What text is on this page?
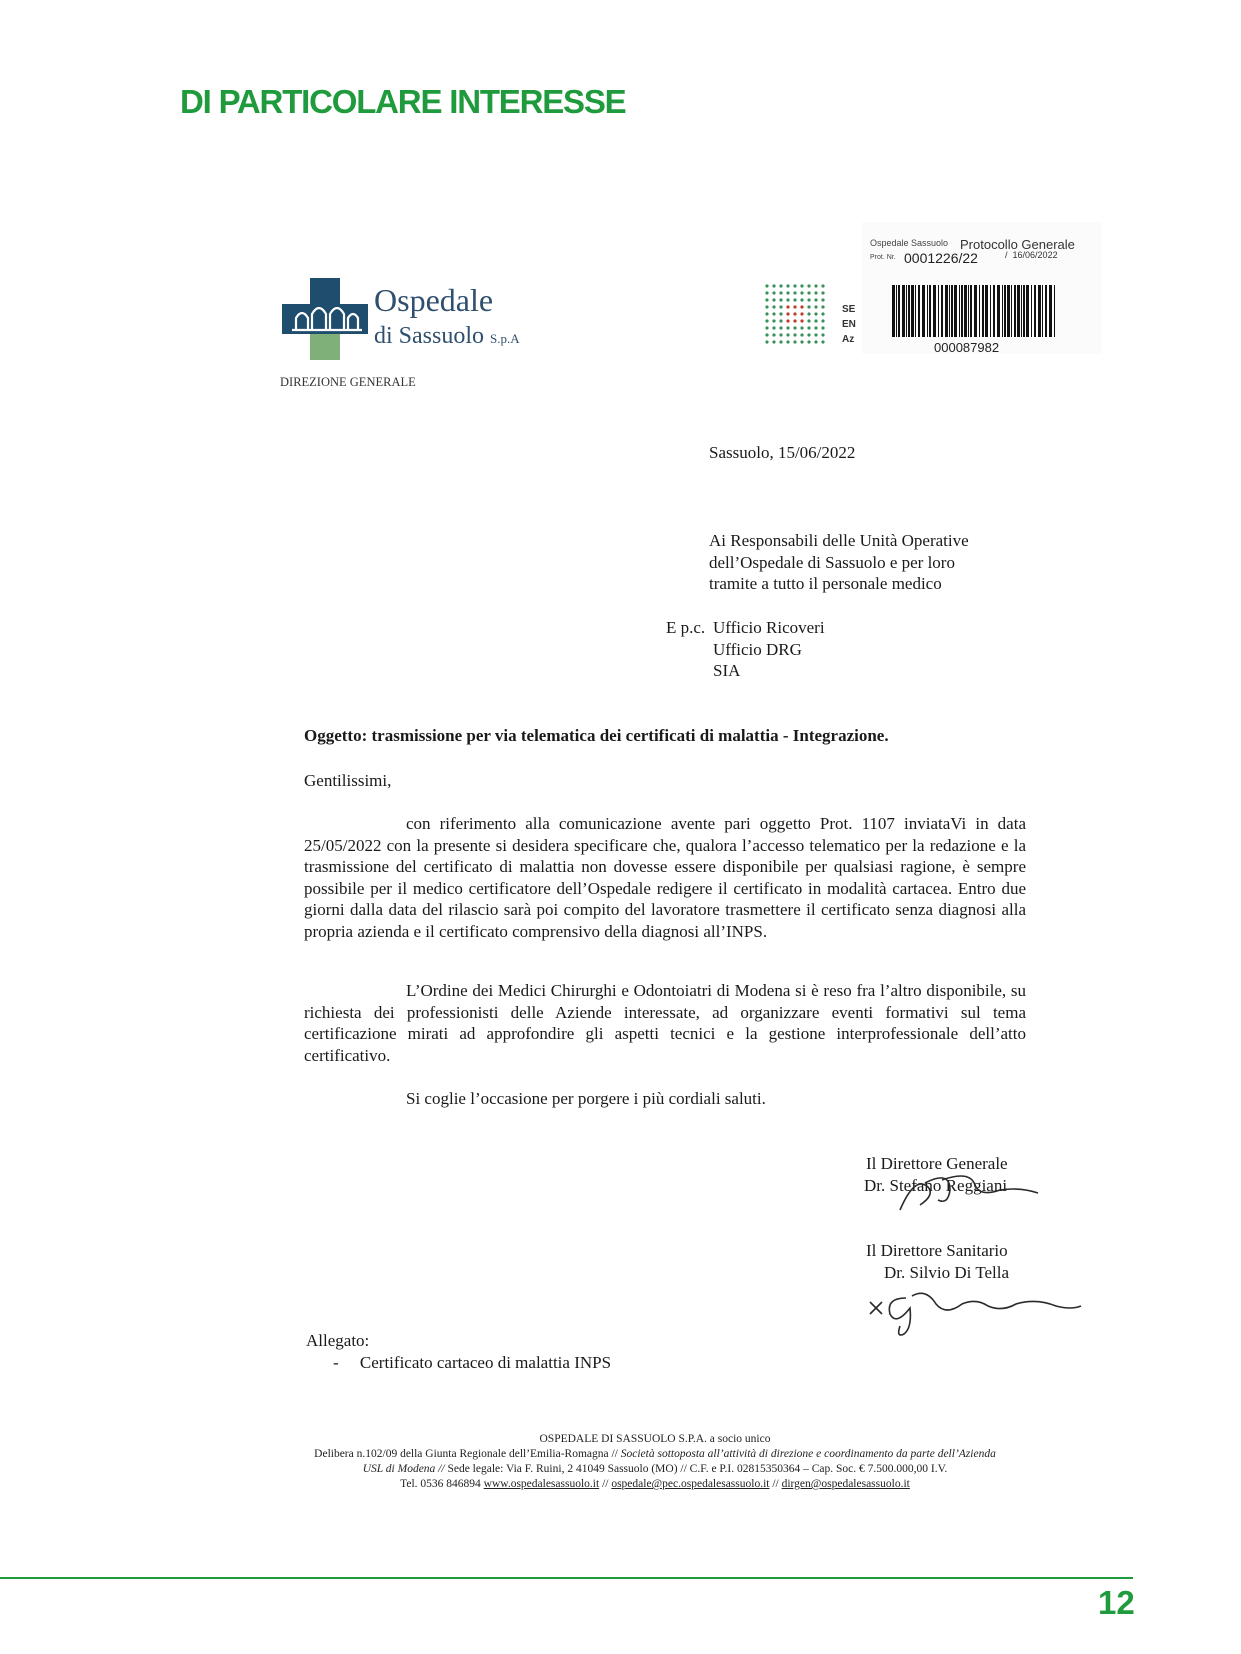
DI PARTICOLARE INTERESSE
Ospedale
di Sassuolo S.p.A
DIREZIONE GENERALE
Ospedale Sassuolo Protocollo Generale
Prot. Nr. 0001226/22	/ 16/06/2022
SE
EN
Az
000087982
Sassuolo, 15/06/2022
Ai Responsabili delle Unità Operative
dell’Ospedale di Sassuolo e per loro
tramite a tutto il personale medico
E p.c. Ufficio Ricoveri
Ufficio DRG
SIA
Oggetto: trasmissione per via telematica dei certificati di malattia - Integrazione.
Gentilissimi,
con riferimento alla comunicazione avente pari oggetto Prot. 1107 inviataVi in data 25/05/2022 con la presente si desidera specificare che, qualora l’accesso telematico per la redazione e la trasmissione del certificato di malattia non dovesse essere disponibile per qualsiasi ragione, è sempre possibile per il medico certificatore dell’Ospedale redigere il certificato in modalità cartacea. Entro due giorni dalla data del rilascio sarà poi compito del lavoratore trasmettere il certificato senza diagnosi alla propria azienda e il certificato comprensivo della diagnosi all’INPS.
L’Ordine dei Medici Chirurghi e Odontoiatri di Modena si è reso fra l’altro disponibile, su richiesta dei professionisti delle Aziende interessate, ad organizzare eventi formativi sul tema certificazione mirati ad approfondire gli aspetti tecnici e la gestione interprofessionale dell’atto certificativo.
Si coglie l’occasione per porgere i più cordiali saluti.
Il Direttore Generale
Dr. Stefano Reggiani
Il Direttore Sanitario
Dr. Silvio Di Tella
Allegato:
-     Certificato cartaceo di malattia INPS
OSPEDALE DI SASSUOLO S.P.A. a socio unico
Delibera n.102/09 della Giunta Regionale dell’Emilia-Romagna // Società sottoposta all’attività di direzione e coordinamento da parte dell’Azienda
USL di Modena // Sede legale: Via F. Ruini, 2 41049 Sassuolo (MO) // C.F. e P.I. 02815350364 – Cap. Soc. € 7.500.000,00 I.V.
Tel. 0536 846894 www.ospedalesassuolo.it // ospedale@pec.ospedalesassuolo.it // dirgen@ospedalesassuolo.it
12
